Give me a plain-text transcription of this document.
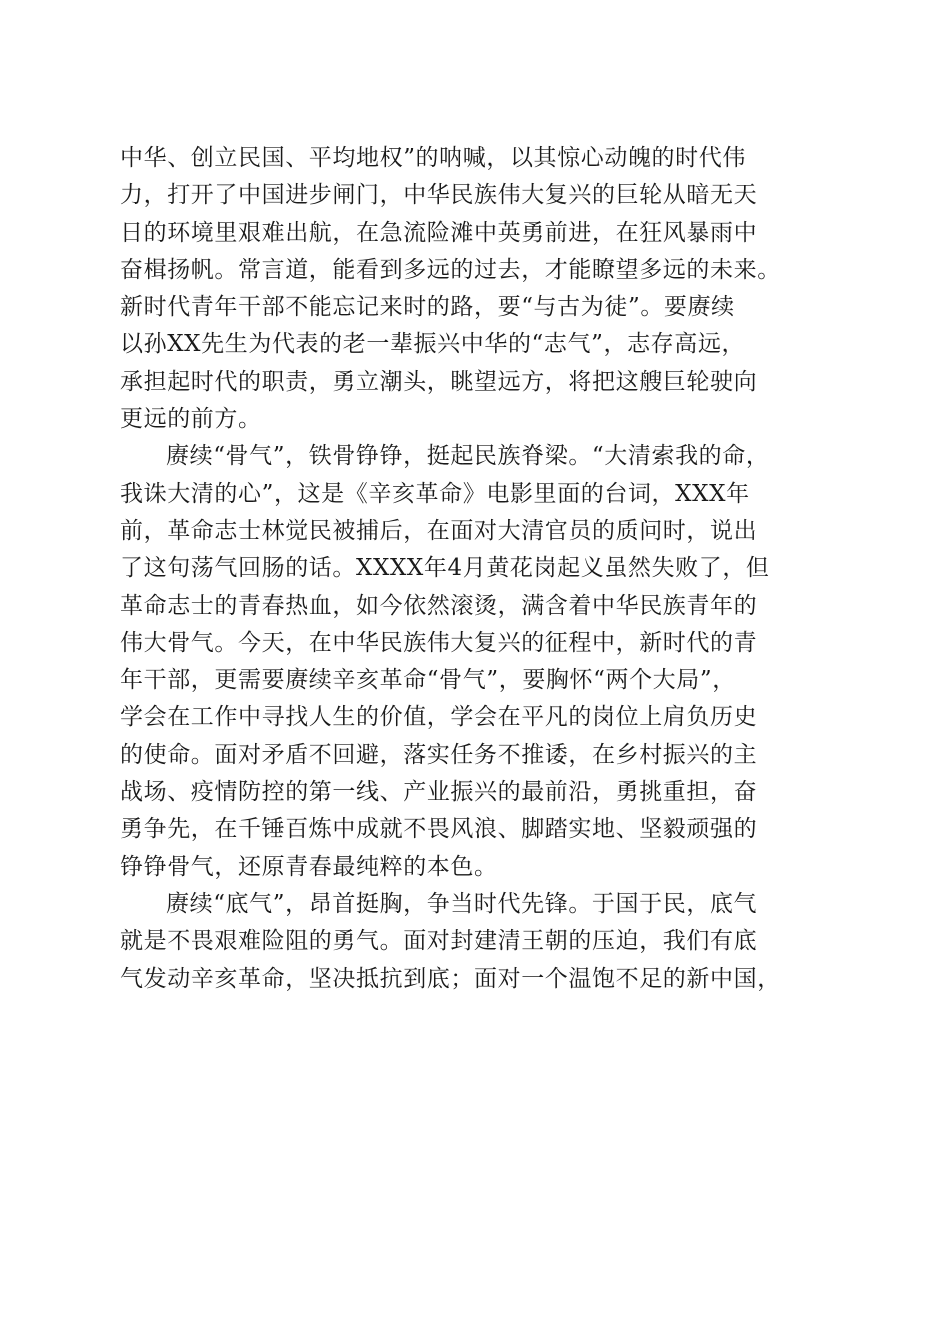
中华、创立民国、平均地权”的呐喊，以其惊心动魄的时代伟
力，打开了中国进步闸门，中华民族伟大复兴的巨轮从暗无天
日的环境里艰难出航，在急流险滩中英勇前进，在狂风暴雨中
奋楫扬帆。常言道，能看到多远的过去，才能瞭望多远的未来。
新时代青年干部不能忘记来时的路，要“与古为徒”。要赓续
以孙XX先生为代表的老一辈振兴中华的“志气”，志存高远，
承担起时代的职责，勇立潮头，眺望远方，将把这艘巨轮驶向
更远的前方。
赓续“骨气”，铁骨铮铮，挺起民族脊梁。“大清索我的命，
我诛大清的心”，这是《辛亥革命》电影里面的台词，XXX年
前，革命志士林觉民被捕后，在面对大清官员的质问时，说出
了这句荡气回肠的话。XXXX年4月黄花岗起义虽然失败了，但
革命志士的青春热血，如今依然滚烫，满含着中华民族青年的
伟大骨气。今天，在中华民族伟大复兴的征程中，新时代的青
年干部，更需要赓续辛亥革命“骨气”，要胸怀“两个大局”，
学会在工作中寻找人生的价值，学会在平凡的岗位上肩负历史
的使命。面对矛盾不回避，落实任务不推诿，在乡村振兴的主
战场、疫情防控的第一线、产业振兴的最前沿，勇挑重担，奋
勇争先，在千锤百炼中成就不畏风浪、脚踏实地、坚毅顽强的
铮铮骨气，还原青春最纯粹的本色。
赓续“底气”，昂首挺胸，争当时代先锋。于国于民，底气
就是不畏艰难险阻的勇气。面对封建清王朝的压迫，我们有底
气发动辛亥革命，坚决抵抗到底；面对一个温饱不足的新中国，
